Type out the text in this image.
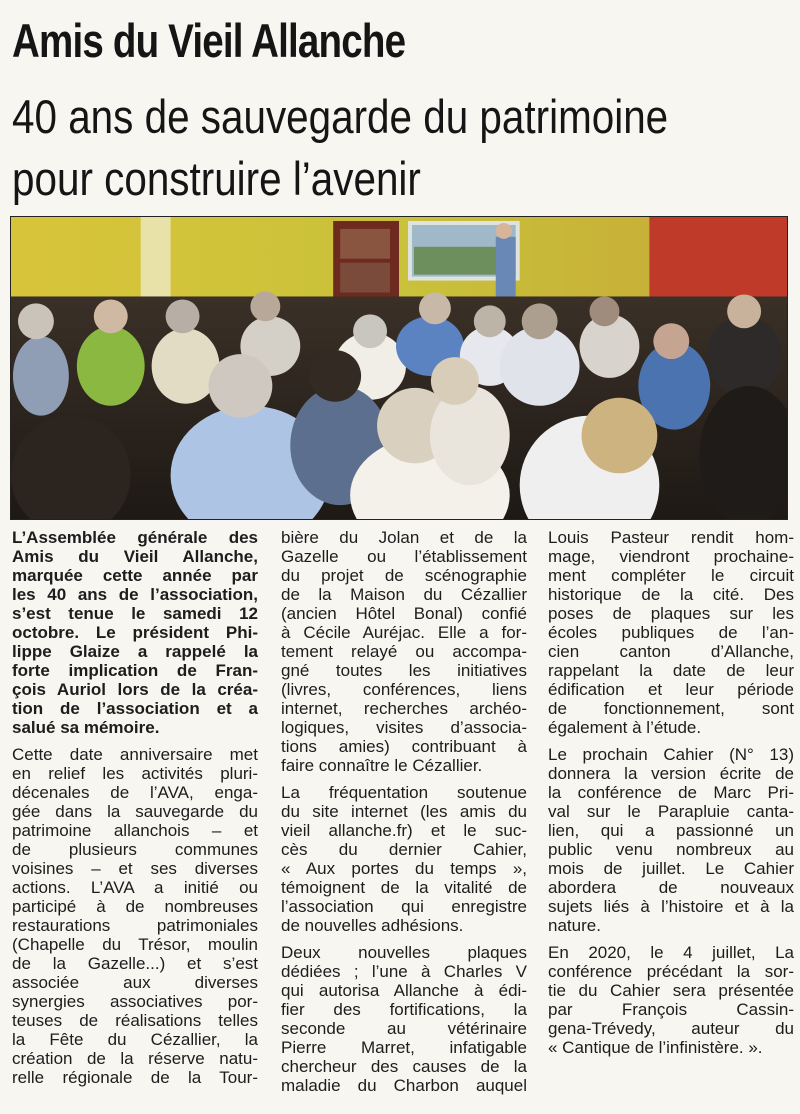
Amis du Vieil Allanche
40 ans de sauvegarde du patrimoine
pour construire l’avenir

L’Assemblée générale des
Amis du Vieil Allanche,
marquée cette année par
les 40 ans de l’association,
s’est tenue le samedi 12
octobre. Le président Phi-
lippe Glaize a rappelé la
forte implication de Fran-
çois Auriol lors de la créa-
tion de l’association et a
salué sa mémoire.

Cette date anniversaire met
en relief les activités pluri-
décenales de l’AVA, enga-
gée dans la sauvegarde du
patrimoine allanchois – et
de plusieurs communes
voisines – et ses diverses
actions. L’AVA a initié ou
participé à de nombreuses
restaurations patrimoniales
(Chapelle du Trésor, moulin
de la Gazelle...) et s’est
associée aux diverses
synergies associatives por-
teuses de réalisations telles
la Fête du Cézallier, la
création de la réserve natu-
relle régionale de la Tour-

bière du Jolan et de la
Gazelle ou l’établissement
du projet de scénographie
de la Maison du Cézallier
(ancien Hôtel Bonal) confié
à Cécile Auréjac. Elle a for-
tement relayé ou accompa-
gné toutes les initiatives
(livres, conférences, liens
internet, recherches archéo-
logiques, visites d’associa-
tions amies) contribuant à
faire connaître le Cézallier.

La fréquentation soutenue
du site internet (les amis du
vieil allanche.fr) et le suc-
cès du dernier Cahier,
« Aux portes du temps »,
témoignent de la vitalité de
l’association qui enregistre
de nouvelles adhésions.

Deux nouvelles plaques
dédiées ; l’une à Charles V
qui autorisa Allanche à édi-
fier des fortifications, la
seconde au vétérinaire
Pierre Marret, infatigable
chercheur des causes de la
maladie du Charbon auquel

Louis Pasteur rendit hom-
mage, viendront prochaine-
ment compléter le circuit
historique de la cité. Des
poses de plaques sur les
écoles publiques de l’an-
cien canton d’Allanche,
rappelant la date de leur
édification et leur période
de fonctionnement, sont
également à l’étude.

Le prochain Cahier (N° 13)
donnera la version écrite de
la conférence de Marc Pri-
val sur le Parapluie canta-
lien, qui a passionné un
public venu nombreux au
mois de juillet. Le Cahier
abordera de nouveaux
sujets liés à l’histoire et à la
nature.

En 2020, le 4 juillet, La
conférence précédant la sor-
tie du Cahier sera présentée
par François Cassin-
gena-Trévedy, auteur du
« Cantique de l’infinistère. ».
